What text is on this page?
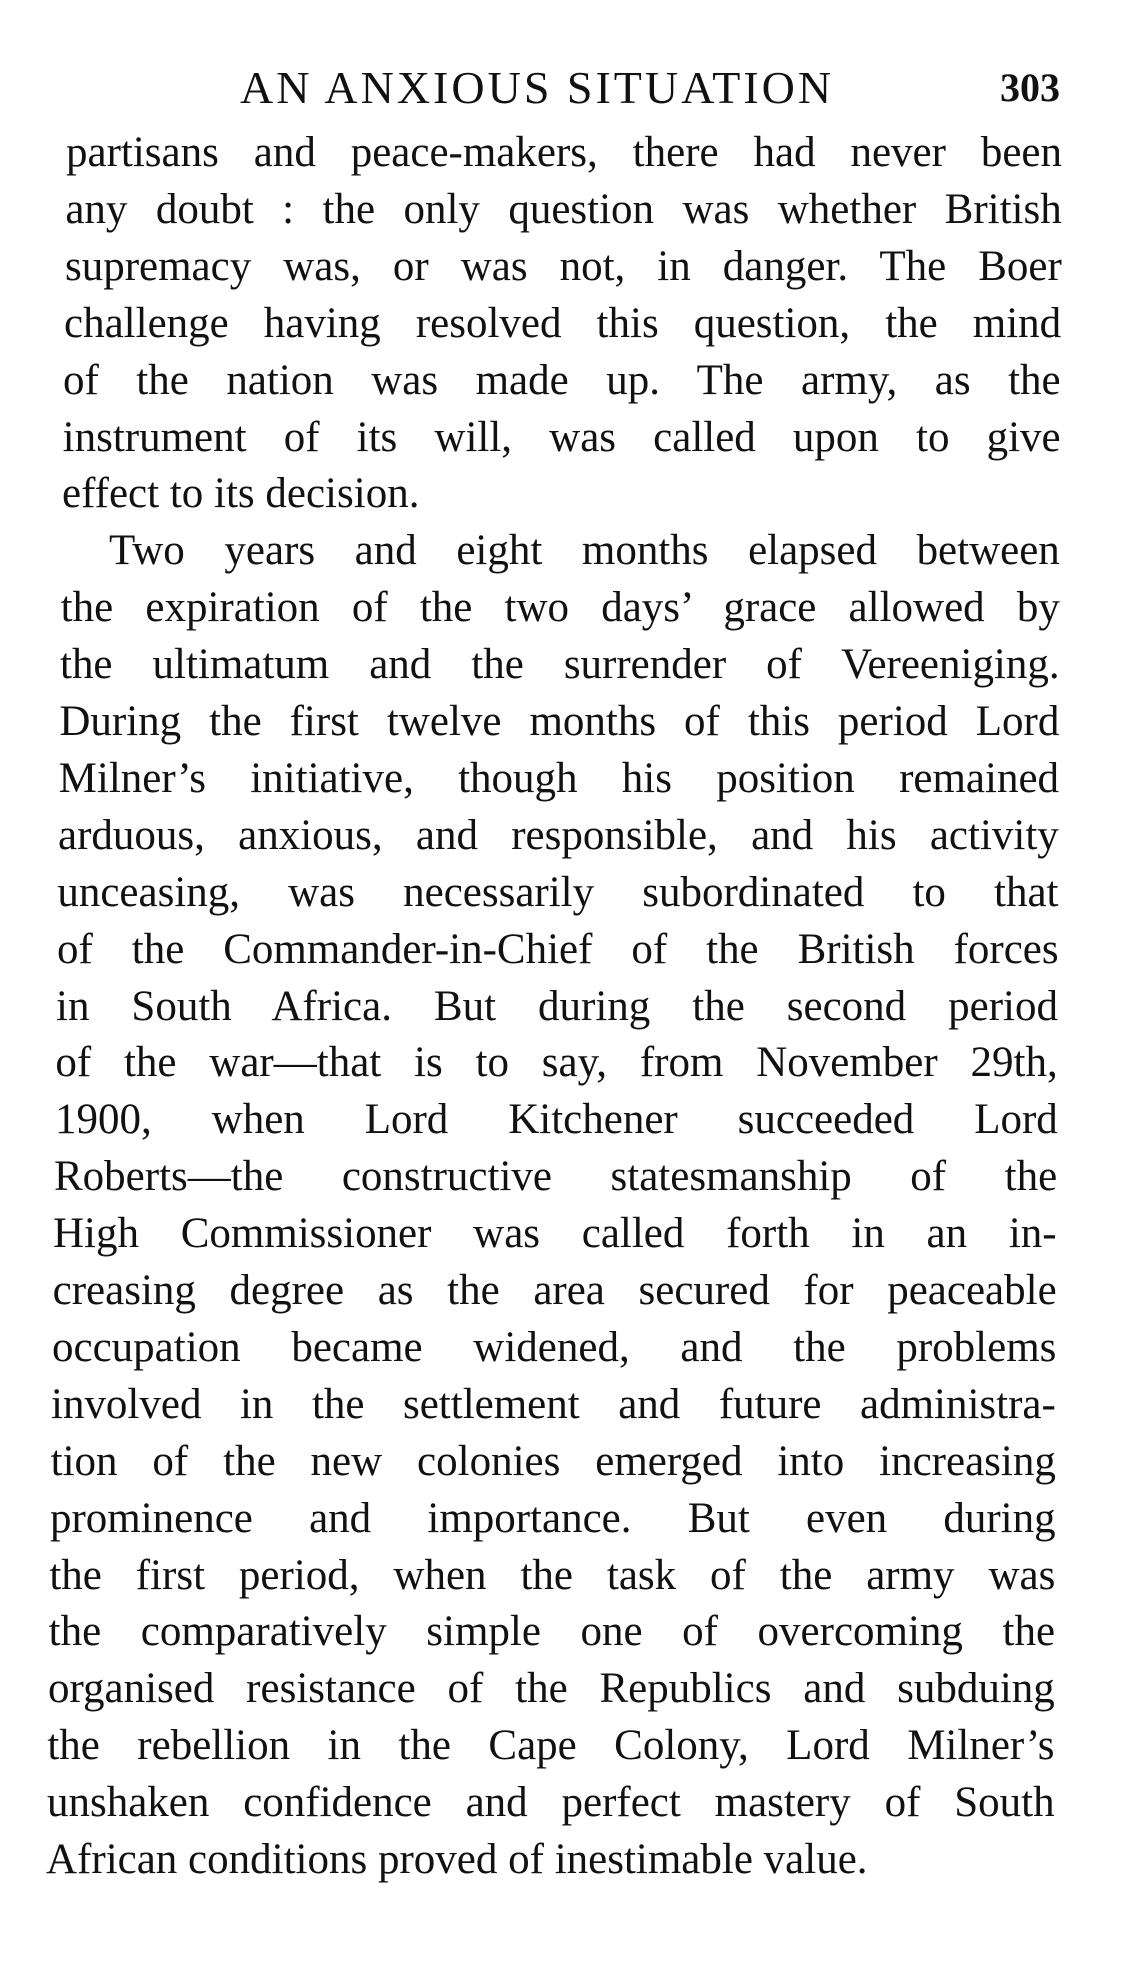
AN ANXIOUS SITUATION	303
partisans and peace-makers, there had never been
any doubt : the only question was whether British
supremacy was, or was not, in danger. The Boer
challenge having resolved this question, the mind
of the nation was made up. The army, as the
instrument of its will, was called upon to give
effect to its decision.
Two years and eight months elapsed between
the expiration of the two days’ grace allowed by
the ultimatum and the surrender of Vereeniging.
During the first twelve months of this period Lord
Milner’s initiative, though his position remained
arduous, anxious, and responsible, and his activity
unceasing, was necessarily subordinated to that
of the Commander-in-Chief of the British forces
in South Africa. But during the second period
of the war—that is to say, from November 29th,
1900, when Lord Kitchener succeeded Lord
Roberts—the constructive statesmanship of the
High Commissioner was called forth in an in-
creasing degree as the area secured for peaceable
occupation became widened, and the problems
involved in the settlement and future administra-
tion of the new colonies emerged into increasing
prominence and importance. But even during
the first period, when the task of the army was
the comparatively simple one of overcoming the
organised resistance of the Republics and subduing
the rebellion in the Cape Colony, Lord Milner’s
unshaken confidence and perfect mastery of South
African conditions proved of inestimable value.
